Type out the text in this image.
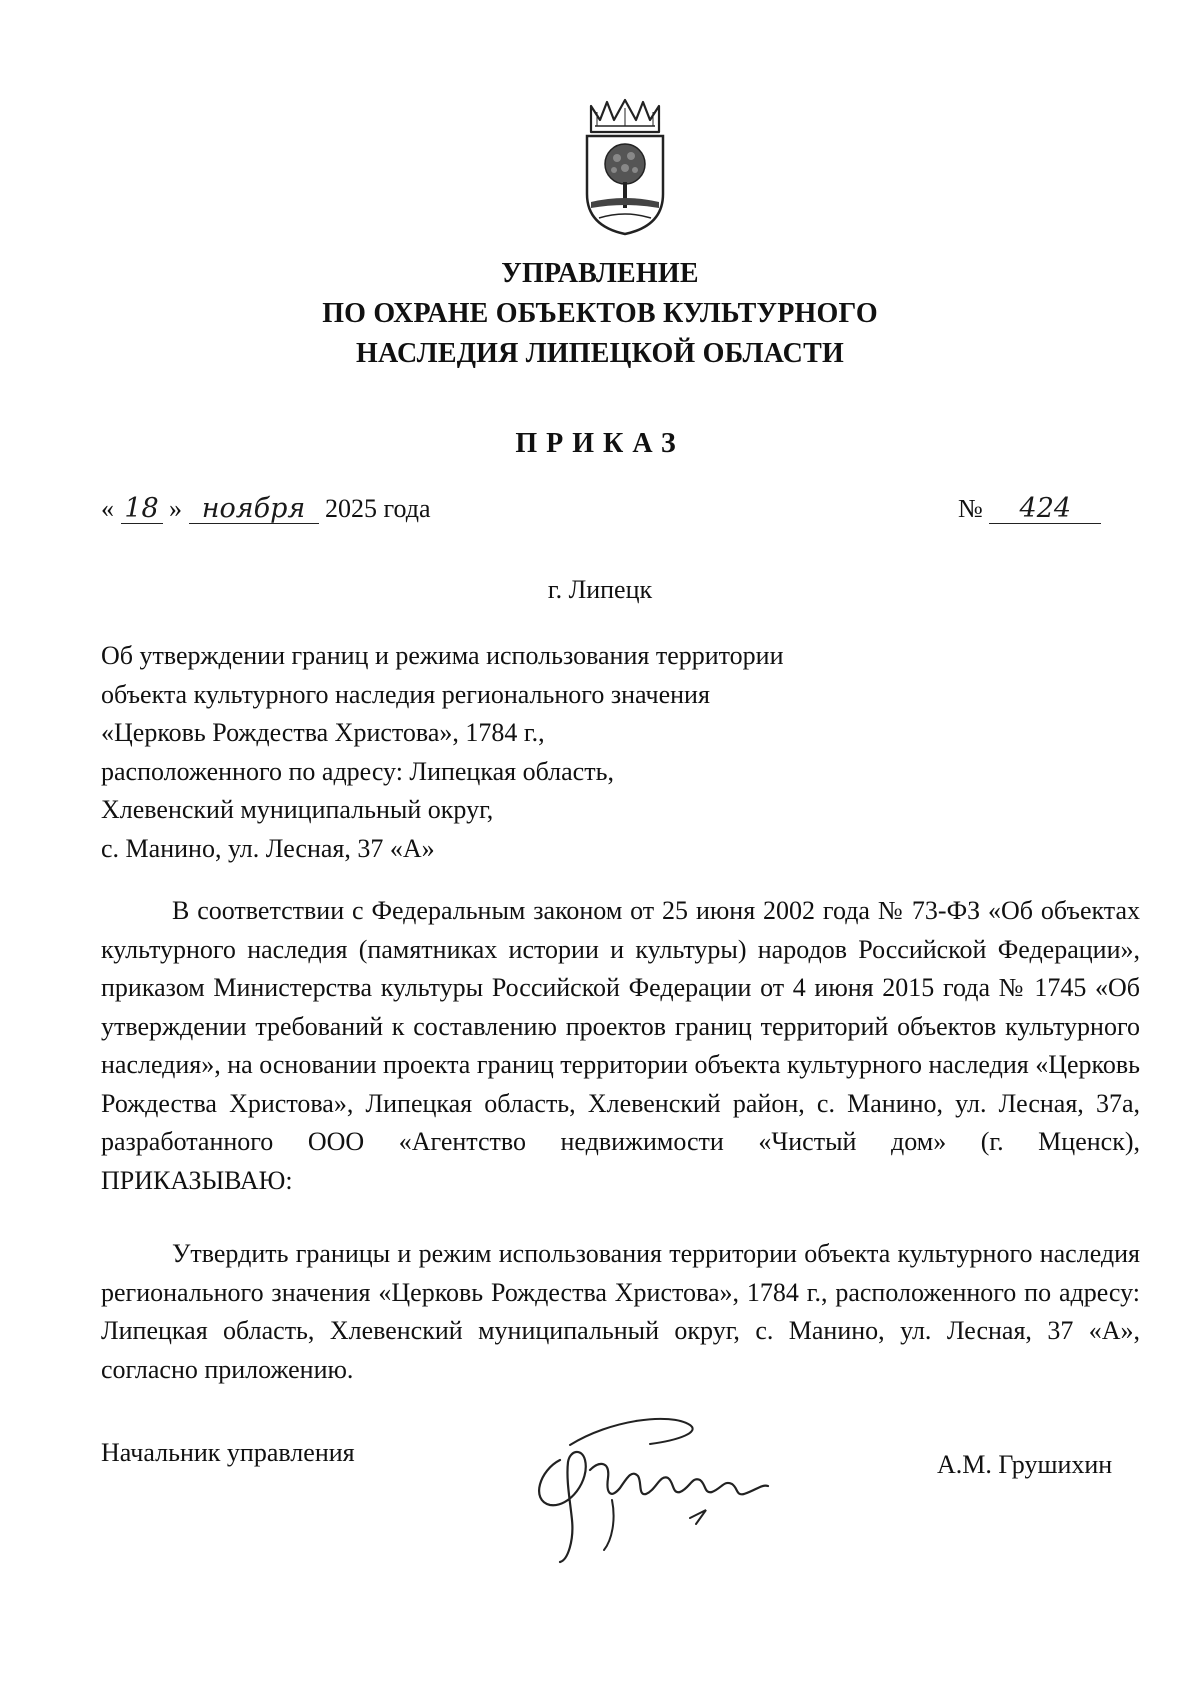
УПРАВЛЕНИЕ
ПО ОХРАНЕ ОБЪЕКТОВ КУЛЬТУРНОГО
НАСЛЕДИЯ ЛИПЕЦКОЙ ОБЛАСТИ
ПРИКАЗ
« 18 » ноября 2025 года	№ 424
г. Липецк
Об утверждении границ и режима использования территории
объекта культурного наследия регионального значения
«Церковь Рождества Христова», 1784 г.,
расположенного по адресу: Липецкая область,
Хлевенский муниципальный округ,
с. Манино, ул. Лесная, 37 «А»

В соответствии с Федеральным законом от 25 июня 2002 года № 73-ФЗ «Об объектах культурного наследия (памятниках истории и культуры) народов Российской Федерации», приказом Министерства культуры Российской Федерации от 4 июня 2015 года № 1745 «Об утверждении требований к составлению проектов границ территорий объектов культурного наследия», на основании проекта границ территории объекта культурного наследия «Церковь Рождества Христова», Липецкая область, Хлевенский район, с. Манино, ул. Лесная, 37а, разработанного ООО «Агентство недвижимости «Чистый дом» (г. Мценск), ПРИКАЗЫВАЮ:

Утвердить границы и режим использования территории объекта культурного наследия регионального значения «Церковь Рождества Христова», 1784 г., расположенного по адресу: Липецкая область, Хлевенский муниципальный округ, с. Манино, ул. Лесная, 37 «А», согласно приложению.

Начальник управления	А.М. Грушихин
